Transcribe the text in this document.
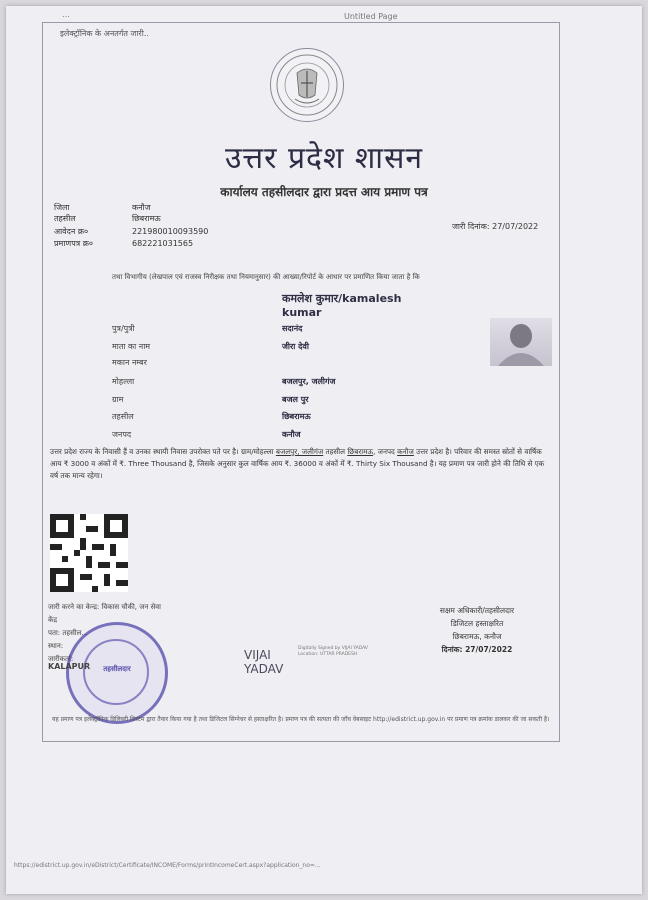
…	Untitled Page
इलेक्ट्रॉनिक के अनतर्गत जारी..
उत्तर प्रदेश शासन
कार्यालय तहसीलदार द्वारा प्रदत्त आय प्रमाण पत्र
जिला	कनौज
तहसील	छिबरामऊ
आवेदन क्र०	221980010093590
प्रमाणपत्र क्र०	682221031565
जारी दिनांक: 27/07/2022
तथा विभागीय (लेखपाल एवं राजस्व निरीक्षक तथा नियमानुसार) की आख्या/रिपोर्ट के आधार पर प्रमाणित किया जाता है कि
कमलेश कुमार/kamalesh kumar
पुत्र/पुत्री	सदानंद
माता का नाम	जीरा देवी
मकान नम्बर
मोहल्ला	बजलपुर, जलीगंज
ग्राम	बजल पुर
तहसील	छिबरामऊ
जनपद	कनौज
उत्तर प्रदेश राज्य के निवासी हैं व उनका स्थायी निवास उपरोक्त पते पर है। ग्राम/मोहल्ला बजलपुर, जलीगंज तहसील छिबरामऊ, जनपद कनौज उत्तर प्रदेश है। परिवार की समस्त स्रोतों से वार्षिक आय ₹ 3000 व अंकों में ₹. Three Thousand है, जिसके अनुसार कुल वार्षिक आय ₹. 36000 व अंकों में ₹. Thirty Six Thousand है। यह प्रमाण पत्र जारी होने की तिथि से एक वर्ष तक मान्य रहेगा।
जारी करने का केन्द्र: विकास चौकी, जन सेवा
केंद्र
पता: तहसील...
स्थान:
जारीकर्ता:
तहसीलदार
KALAPUR
VIJAI
YADAV
Digitally Signed by VIJAI YADAV Location: UTTAR PRADESH
सक्षम अधिकारी/तहसीलदार
डिजिटल हस्ताक्षरित
छिबरामऊ, कनौज
दिनांक: 27/07/2022
यह प्रमाण पत्र इलेक्ट्रॉनिक डिलिवरी सिस्टम द्वारा तैयार किया गया है तथा डिजिटल सिग्नेचर से हस्ताक्षरित है। प्रमाण पत्र की सत्यता की जाँच वेबसाइट http://edistrict.up.gov.in पर प्रमाण पत्र क्रमांक डालकर की जा सकती है।
https://edistrict.up.gov.in/eDistrict/Certificate/INCOME/Forms/printIncomeCert.aspx?application_no=...
